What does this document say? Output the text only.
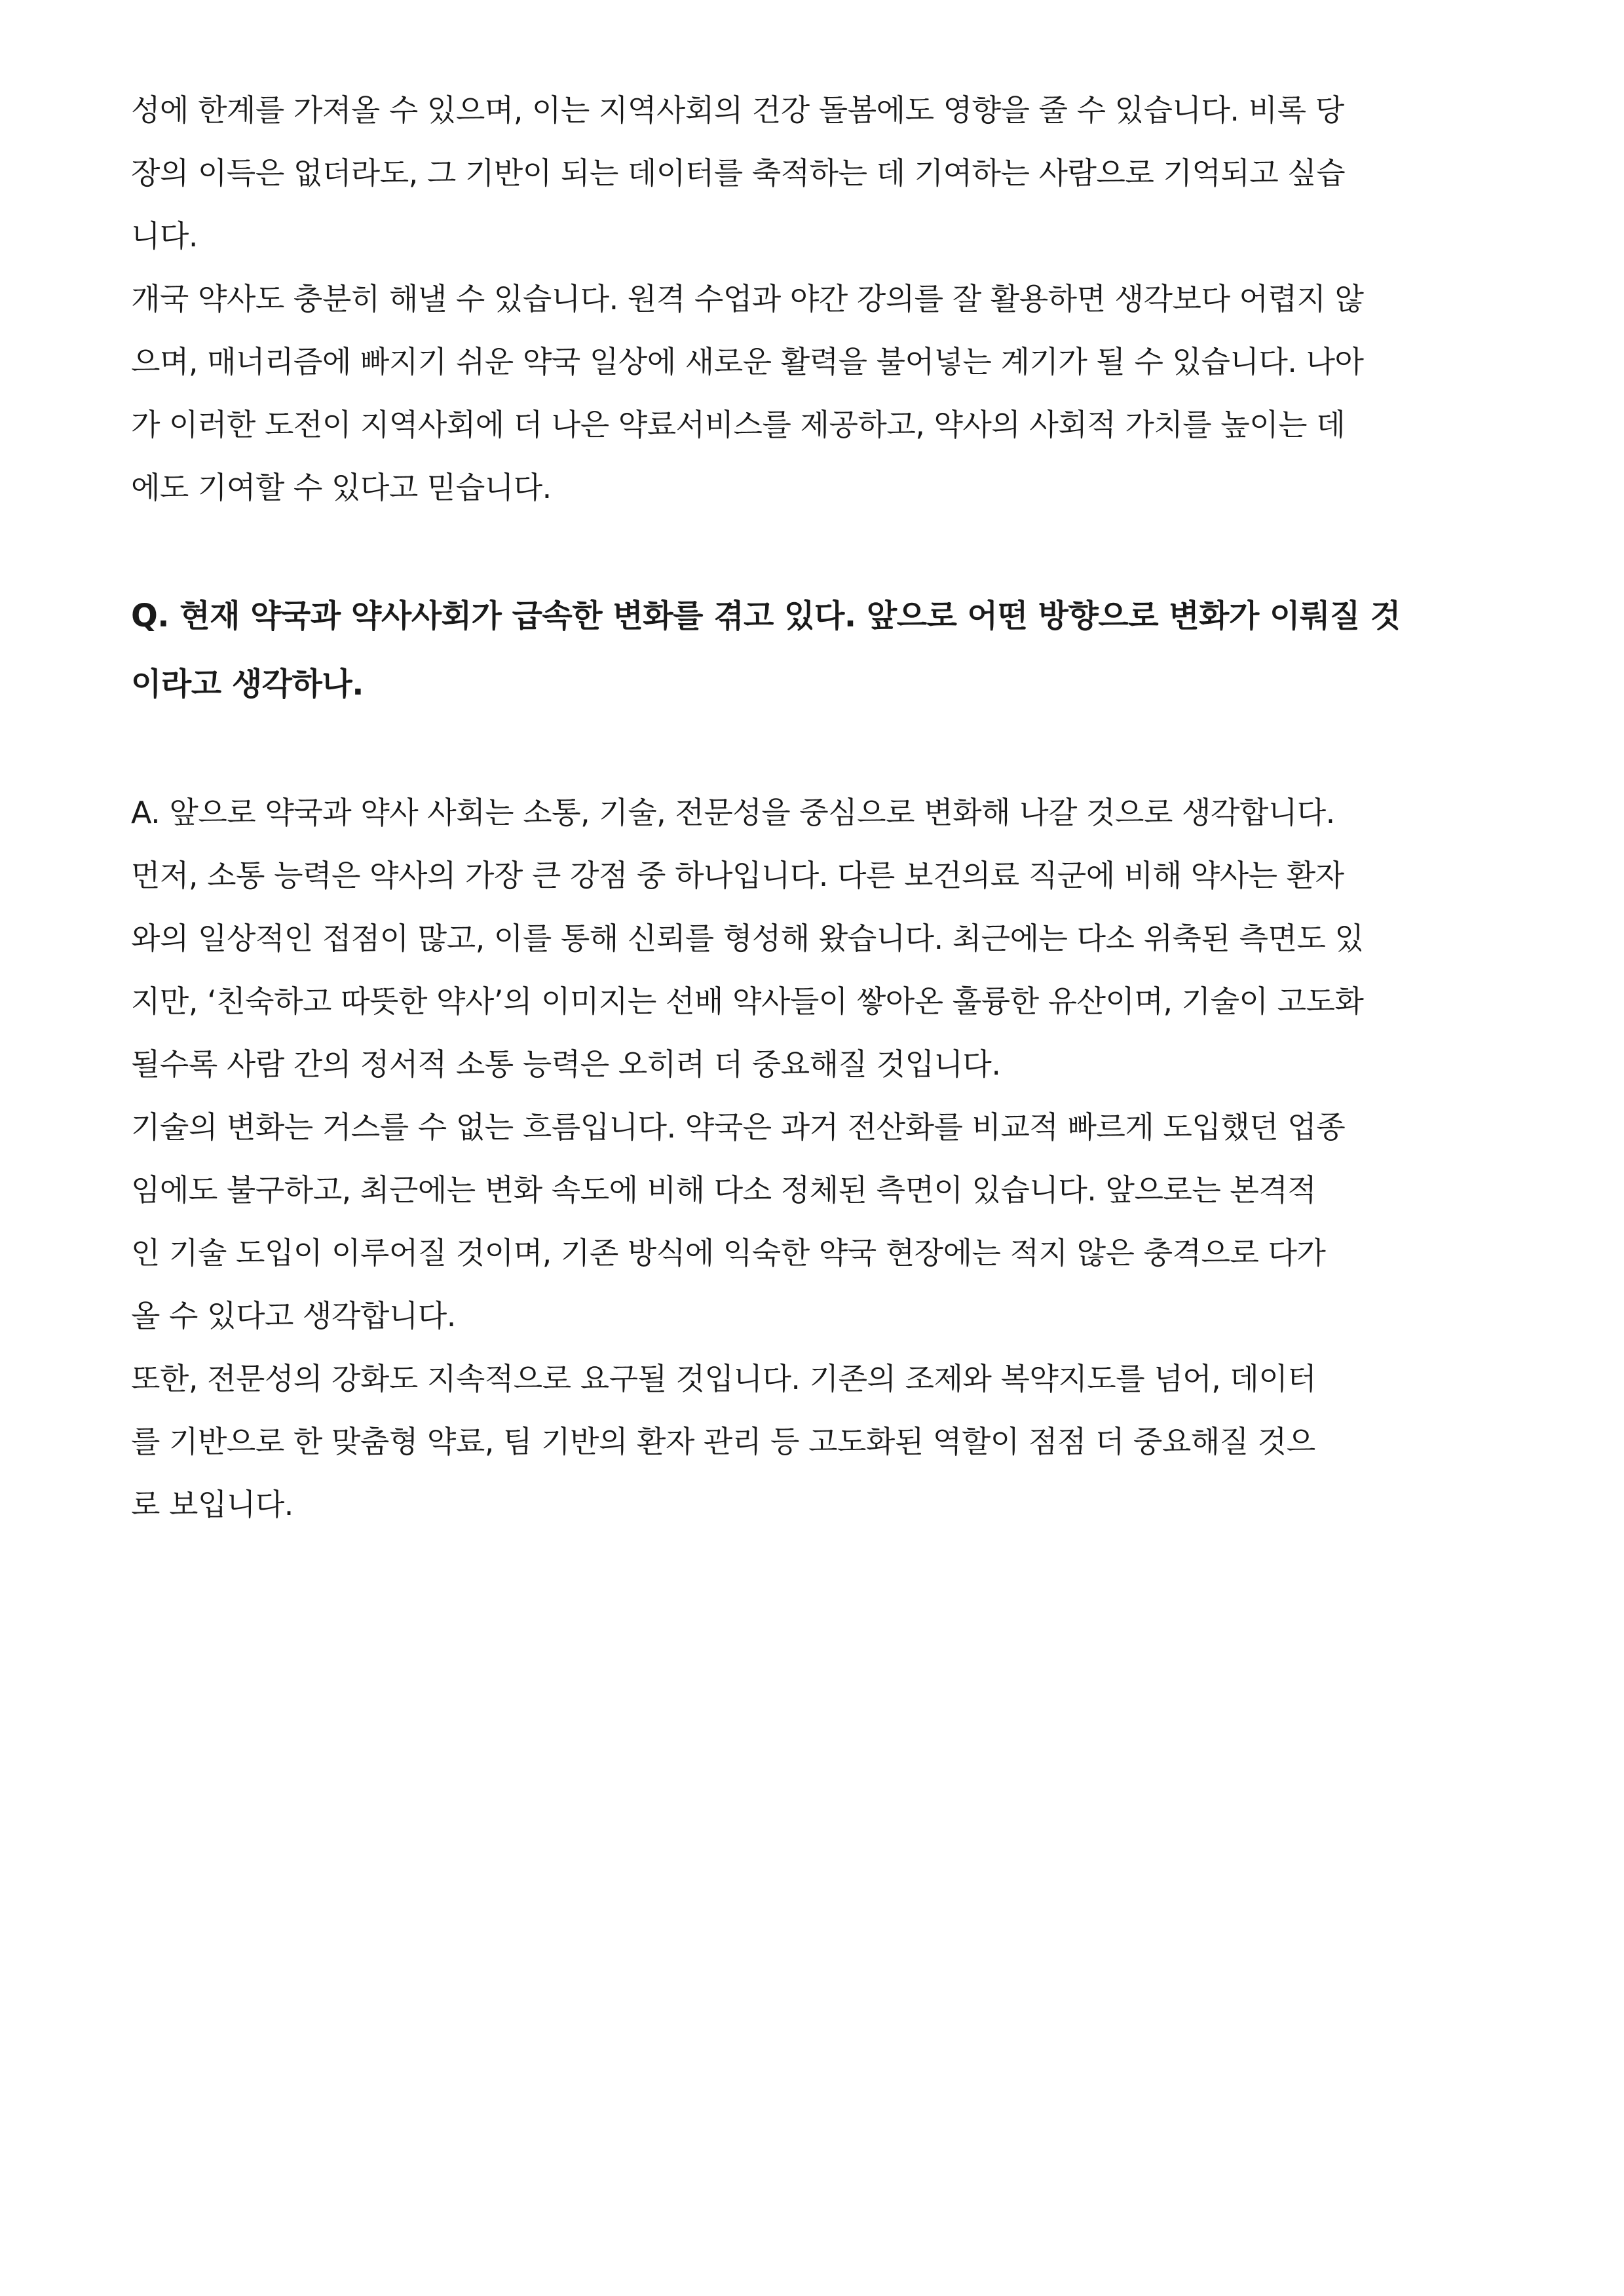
성에 한계를 가져올 수 있으며, 이는 지역사회의 건강 돌봄에도 영향을 줄 수 있습니다. 비록 당
장의 이득은 없더라도, 그 기반이 되는 데이터를 축적하는 데 기여하는 사람으로 기억되고 싶습
니다.
개국 약사도 충분히 해낼 수 있습니다. 원격 수업과 야간 강의를 잘 활용하면 생각보다 어렵지 않
으며, 매너리즘에 빠지기 쉬운 약국 일상에 새로운 활력을 불어넣는 계기가 될 수 있습니다. 나아
가 이러한 도전이 지역사회에 더 나은 약료서비스를 제공하고, 약사의 사회적 가치를 높이는 데
에도 기여할 수 있다고 믿습니다.
Q. 현재 약국과 약사사회가 급속한 변화를 겪고 있다. 앞으로 어떤 방향으로 변화가 이뤄질 것
이라고 생각하나.
A. 앞으로 약국과 약사 사회는 소통, 기술, 전문성을 중심으로 변화해 나갈 것으로 생각합니다.
먼저, 소통 능력은 약사의 가장 큰 강점 중 하나입니다. 다른 보건의료 직군에 비해 약사는 환자
와의 일상적인 접점이 많고, 이를 통해 신뢰를 형성해 왔습니다. 최근에는 다소 위축된 측면도 있
지만, ‘친숙하고 따뜻한 약사’의 이미지는 선배 약사들이 쌓아온 훌륭한 유산이며, 기술이 고도화
될수록 사람 간의 정서적 소통 능력은 오히려 더 중요해질 것입니다.
기술의 변화는 거스를 수 없는 흐름입니다. 약국은 과거 전산화를 비교적 빠르게 도입했던 업종
임에도 불구하고, 최근에는 변화 속도에 비해 다소 정체된 측면이 있습니다. 앞으로는 본격적
인 기술 도입이 이루어질 것이며, 기존 방식에 익숙한 약국 현장에는 적지 않은 충격으로 다가
올 수 있다고 생각합니다.
또한, 전문성의 강화도 지속적으로 요구될 것입니다. 기존의 조제와 복약지도를 넘어, 데이터
를 기반으로 한 맞춤형 약료, 팀 기반의 환자 관리 등 고도화된 역할이 점점 더 중요해질 것으
로 보입니다.
